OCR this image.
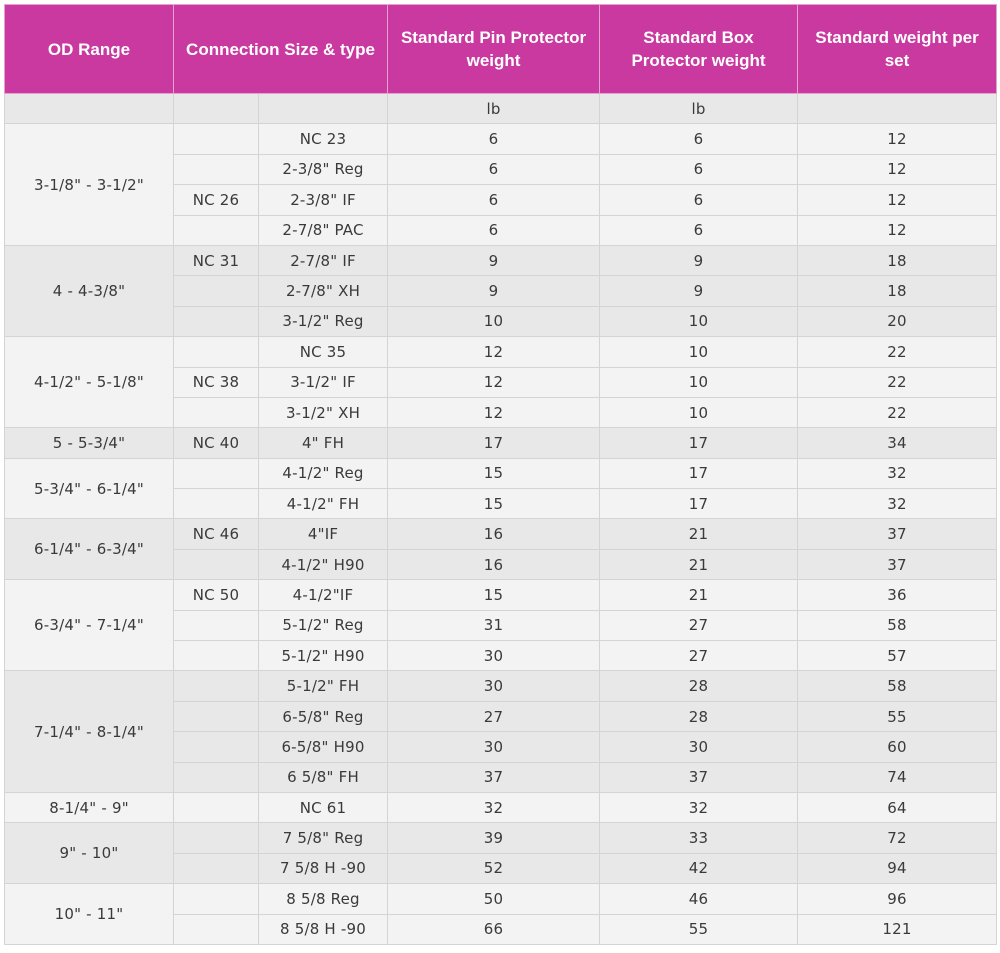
OD Range	Connection Size & type		Standard Pin Protector weight	Standard Box Protector weight	Standard weight per set
			lb	lb	
3-1/8" - 3-1/2"		NC 23	6	6	12
		2-3/8" Reg	6	6	12
	NC 26	2-3/8" IF	6	6	12
		2-7/8" PAC	6	6	12
4 - 4-3/8"	NC 31	2-7/8" IF	9	9	18
		2-7/8" XH	9	9	18
		3-1/2" Reg	10	10	20
4-1/2" - 5-1/8"		NC 35	12	10	22
	NC 38	3-1/2" IF	12	10	22
		3-1/2" XH	12	10	22
5 - 5-3/4"	NC 40	4" FH	17	17	34
5-3/4" - 6-1/4"		4-1/2" Reg	15	17	32
		4-1/2" FH	15	17	32
6-1/4" - 6-3/4"	NC 46	4"IF	16	21	37
		4-1/2" H90	16	21	37
6-3/4" - 7-1/4"	NC 50	4-1/2"IF	15	21	36
		5-1/2" Reg	31	27	58
		5-1/2" H90	30	27	57
7-1/4" - 8-1/4"		5-1/2" FH	30	28	58
		6-5/8" Reg	27	28	55
		6-5/8" H90	30	30	60
		6 5/8" FH	37	37	74
8-1/4" - 9"		NC 61	32	32	64
9" - 10"		7 5/8" Reg	39	33	72
		7 5/8 H -90	52	42	94
10" - 11"		8 5/8 Reg	50	46	96
		8 5/8 H -90	66	55	121
